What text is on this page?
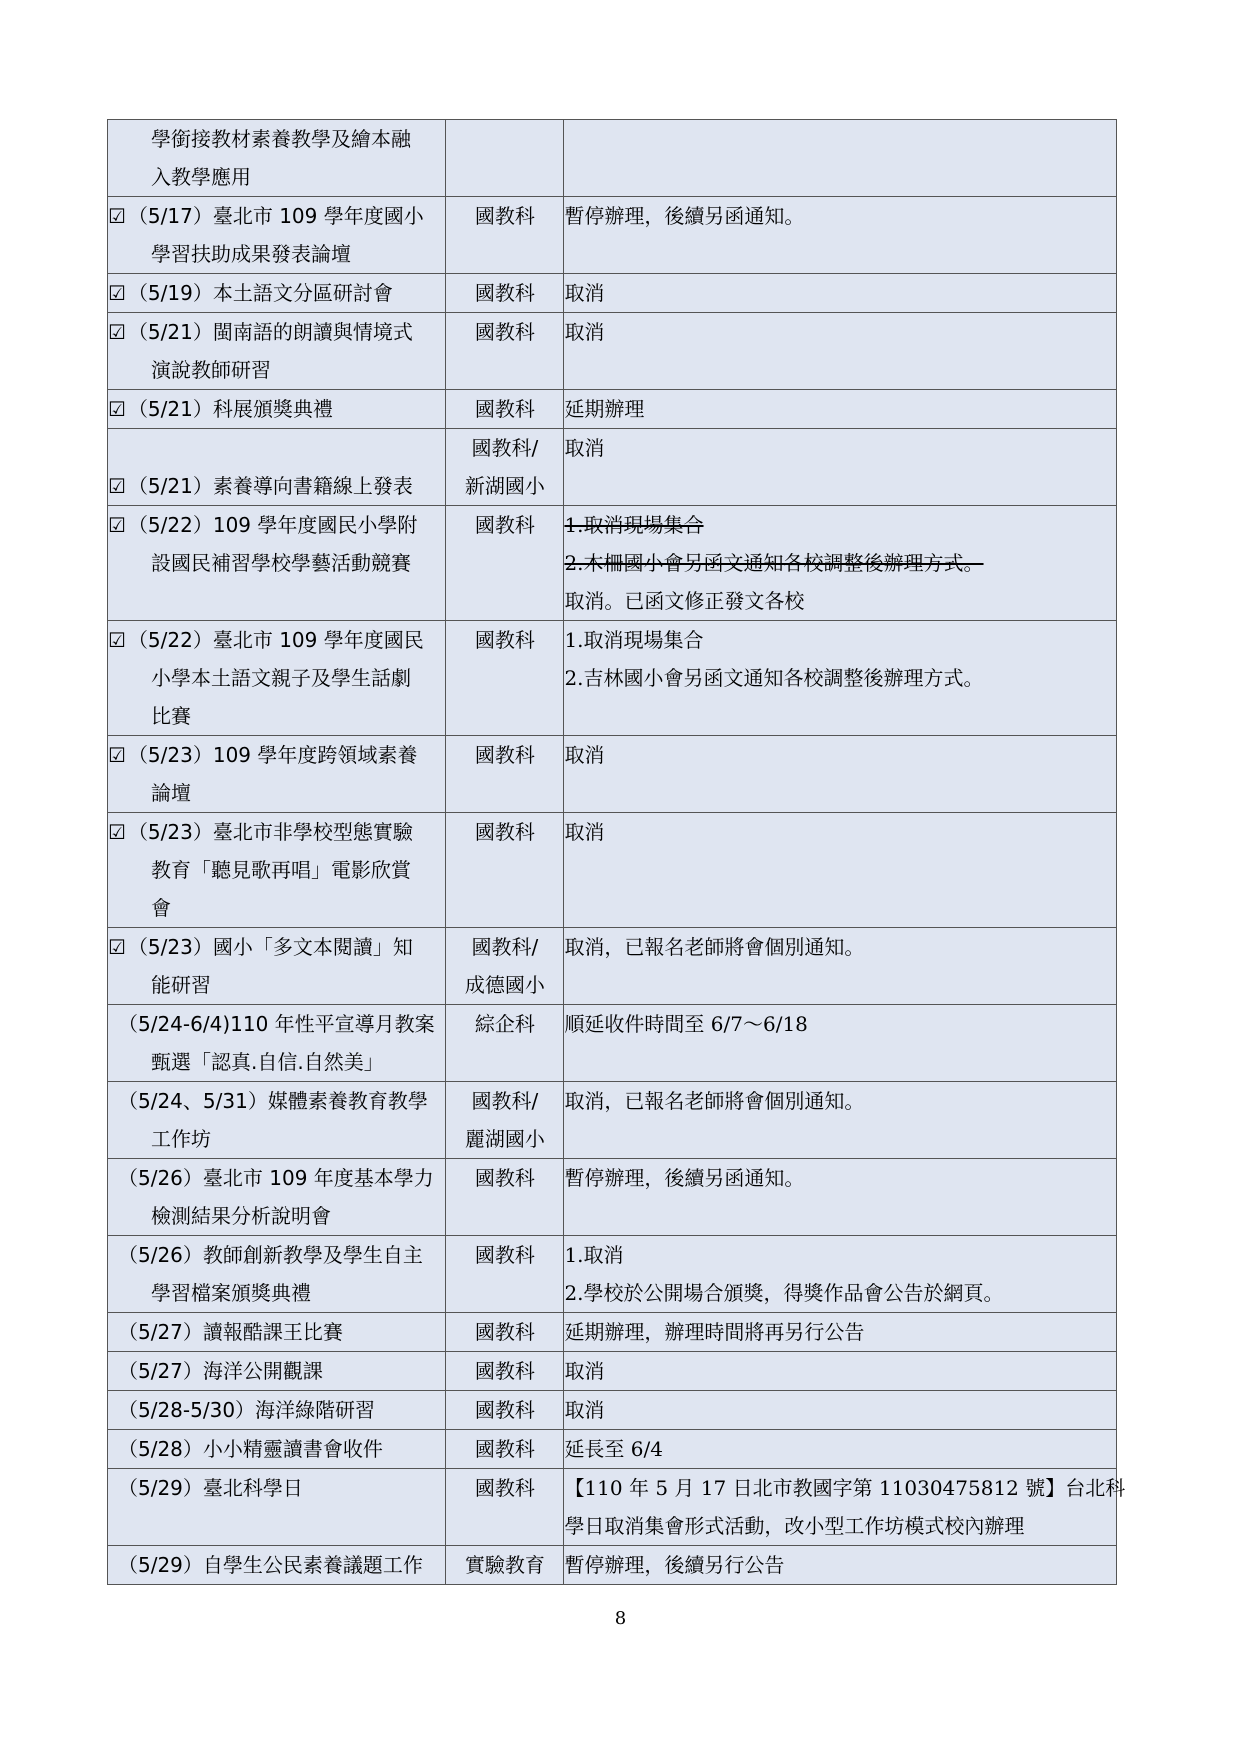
學銜接教材素養教學及繪本融
入教學應用		

☑ （5/17）臺北市 109 學年度國小
學習扶助成果發表論壇	國教科	暫停辦理，後續另函通知。

☑ （5/19）本土語文分區研討會	國教科	取消

☑ （5/21）閩南語的朗讀與情境式
演說教師研習	國教科	取消

☑ （5/21）科展頒獎典禮	國教科	延期辦理

☑ （5/21）素養導向書籍線上發表	國教科/
新湖國小	取消

☑ （5/22）109 學年度國民小學附
設國民補習學校學藝活動競賽	國教科	1.取消現場集合
2.木柵國小會另函文通知各校調整後辦理方式。
取消。已函文修正發文各校

☑ （5/22）臺北市 109 學年度國民
小學本土語文親子及學生話劇
比賽	國教科	1.取消現場集合
2.吉林國小會另函文通知各校調整後辦理方式。

☑ （5/23）109 學年度跨領域素養
論壇	國教科	取消

☑ （5/23）臺北市非學校型態實驗
教育「聽見歌再唱」電影欣賞
會	國教科	取消

☑ （5/23）國小「多文本閱讀」知
能研習	國教科/
成德國小	取消，已報名老師將會個別通知。

（5/24-6/4)110 年性平宣導月教案
甄選「認真.自信.自然美」	綜企科	順延收件時間至 6/7～6/18

（5/24、5/31）媒體素養教育教學
工作坊	國教科/
麗湖國小	取消，已報名老師將會個別通知。

（5/26）臺北市 109 年度基本學力
檢測結果分析說明會	國教科	暫停辦理，後續另函通知。

（5/26）教師創新教學及學生自主
學習檔案頒獎典禮	國教科	1.取消
2.學校於公開場合頒獎，得獎作品會公告於網頁。

（5/27）讀報酷課王比賽	國教科	延期辦理，辦理時間將再另行公告

（5/27）海洋公開觀課	國教科	取消

（5/28-5/30）海洋綠階研習	國教科	取消

（5/28）小小精靈讀書會收件	國教科	延長至 6/4

（5/29）臺北科學日	國教科	【110 年 5 月 17 日北市教國字第 11030475812 號】台北科
學日取消集會形式活動，改小型工作坊模式校內辦理

（5/29）自學生公民素養議題工作	實驗教育	暫停辦理，後續另行公告
8
